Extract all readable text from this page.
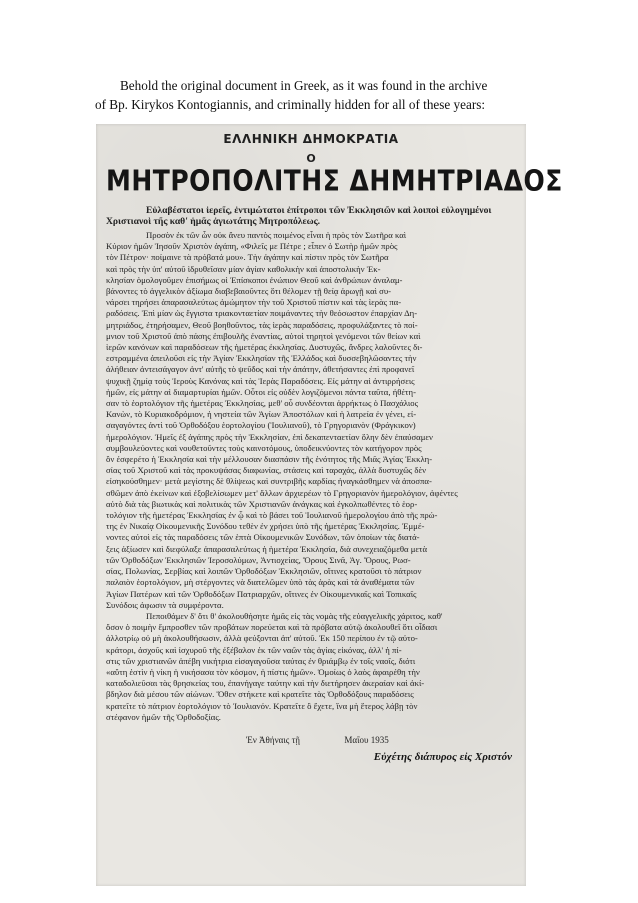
Behold the original document in Greek, as it was found in the archive
of Bp. Kirykos Kontogiannis, and criminally hidden for all of these years:
ΕΛΛΗΝΙΚΗ ΔΗΜΟΚΡΑΤΙΑ
Ο
ΜΗΤΡΟΠΟΛΙΤΗΣ ΔΗΜΗΤΡΙΑΔΟΣ
Εὐλαβέστατοι ἱερεῖς, ἐντιμώτατοι ἐπίτροποι τῶν Ἐκκλησιῶν καὶ λοιποὶ εὐλογημένοι
Χριστιανοὶ τῆς καθ' ἡμᾶς ἁγιωτάτης Μητροπόλεως.
Προσὸν ἐκ τῶν ὧν οὐκ ἄνευ παντὸς ποιμένος εἶναι ἡ πρὸς τὸν Σωτῆρα καὶ
Κύριον ἡμῶν Ἰησοῦν Χριστὸν ἀγάπη, «Φιλεῖς με Πέτρε ; εἶπεν ὁ Σωτὴρ ἡμῶν πρὸς
τὸν Πέτρον· ποίμαινε τὰ πρόβατά μου». Τὴν ἀγάπην καὶ πίστιν πρὸς τὸν Σωτῆρα
καὶ πρὸς τὴν ὑπ' αὐτοῦ ἱδρυθεῖσαν μίαν ἁγίαν καθολικὴν καὶ ἀποστολικὴν Ἐκ-
κλησίαν ὁμολογοῦμεν ἐπισήμως οἱ Ἐπίσκοποι ἐνώπιον Θεοῦ καὶ ἀνθρώπων ἀναλαμ-
βάνοντες τὸ ἀγγελικὸν ἀξίωμα διαβεβαιοῦντες ὅτι θέλομεν τῇ θείᾳ ἀρωγῇ καὶ συ-
νάρσει τηρήσει ἀπαρασαλεύτως ἀμώμητον τὴν τοῦ Χριστοῦ πίστιν καὶ τὰς ἱερὰς πα-
ραδόσεις. Ἐπὶ μίαν ὡς ἔγγιστα τριακονταετίαν ποιμάναντες τὴν θεόσωστον ἐπαρχίαν Δη-
μητριάδος, ἐτηρήσαμεν, Θεοῦ βοηθοῦντος, τὰς ἱερὰς παραδόσεις, προφυλάξαντες τὸ ποί-
μνιον τοῦ Χριστοῦ ἀπὸ πάσης ἐπιβουλῆς ἐναντίας, αὐτοὶ τηρητοὶ γενόμενοι τῶν θείων καὶ
ἱερῶν κανόνων καὶ παραδόσεων τῆς ἡμετέρας ἐκκλησίας. Δυστυχῶς, ἄνδρες λαλοῦντες δι-
εστραμμένα ἀπειλοῦσι εἰς τὴν Ἁγίαν Ἐκκλησίαν τῆς Ἑλλάδος καὶ δυσσεβηλῶσαντες τὴν
ἀλήθειαν ἀντεισάγαγον ἀντ' αὐτῆς τὸ ψεῦδος καὶ τὴν ἀπάτην, ἀθετήσαντες ἐπὶ προφανεῖ
ψυχικῇ ζημίᾳ τοὺς Ἱεροὺς Κανόνας καὶ τὰς Ἱερὰς Παραδόσεις. Εἰς μάτην αἱ ἀντιρρήσεις
ἡμῶν, εἰς μάτην αἱ διαμαρτυρίαι ἡμῶν. Οὗτοι εἰς οὐδὲν λογιζόμενοι πάντα ταῦτα, ἠθέτη-
σαν τὸ ἑορτολόγιον τῆς ἡμετέρας Ἐκκλησίας, μεθ' οὗ συνδέονται ἀρρήκτως ὁ Πασχάλιος
Κανὼν, τὸ Κυριακοδρόμιον, ἡ νηστεία τῶν Ἁγίων Ἀποστόλων καὶ ἡ λατρεία ἐν γένει, εἰ-
σαγαγόντες ἀντὶ τοῦ Ὀρθοδόξου ἑορτολογίου (Ἰουλιανοῦ), τὸ Γρηγοριανὸν (Φράγκικον)
ἡμερολόγιον. Ἡμεῖς ἐξ ἀγάπης πρὸς τὴν Ἐκκλησίαν, ἐπὶ δεκαπενταετίαν ὅλην δὲν ἐπαύσαμεν
συμβουλεύοντες καὶ νουθετοῦντες τοὺς καινοτόμους, ὑποδεικνύοντες τὸν κατήγορον πρὸς
ὃν ἐσφερέτο ἡ Ἐκκλησία καὶ τὴν μέλλουσαν διασπάσιν τῆς ἑνότητος τῆς Μιᾶς Ἁγίας Ἐκκλη-
σίας τοῦ Χριστοῦ καὶ τὰς προκυψάσας διαφωνίας, στάσεις καὶ ταραχάς, ἀλλὰ δυστυχῶς δὲν
εἰσηκούσθημεν· μετὰ μεγίστης δὲ θλίψεως καὶ συντριβῆς καρδίας ἠναγκάσθημεν νὰ ἀποσπα-
σθῶμεν ἀπὸ ἐκείνων καὶ ἐξοβελίσωμεν μετ' ἄλλων ἀρχιερέων τὸ Γρηγοριανὸν ἡμερολόγιον, ἀφέντες
αὐτὸ διὰ τὰς βιωτικὰς καὶ πολιτικὰς τῶν Χριστιανῶν ἀνάγκας καὶ ἐγκολπωθέντες τὸ ἑορ-
τολόγιον τῆς ἡμετέρας Ἐκκλησίας ἐν ᾧ καὶ τὸ βάσει τοῦ Ἰουλιανοῦ ἡμερολογίου ἀπὸ τῆς πρώ-
της ἐν Νικαίᾳ Οἰκουμενικῆς Συνόδου τεθὲν ἐν χρήσει ὑπὸ τῆς ἡμετέρας Ἐκκλησίας. Ἐμμέ-
νοντες αὐτοὶ εἰς τὰς παραδόσεις τῶν ἑπτὰ Οἰκουμενικῶν Συνόδων, τῶν ὁποίων τὰς διατά-
ξεις ἀξίωσεν καὶ διεφύλαξε ἀπαρασαλεύτως ἡ ἡμετέρα Ἐκκλησία, διὰ συνεχειαζόμεθα μετὰ
τῶν Ὀρθοδόξων Ἐκκλησιῶν Ἱεροσολύμων, Ἀντιοχείας, Ὄρους Σινᾶ, Ἁγ. Ὄρους, Ρωσ-
σίας, Πολωνίας, Σερβίας καὶ λοιπῶν Ὀρθοδόξων Ἐκκλησιῶν, οἵτινες κρατοῦσι τὸ πάτριον
παλαιὸν ἑορτολόγιον, μὴ στέργοντες νὰ διατελῶμεν ὑπὸ τὰς ἀρὰς καὶ τὰ ἀναθέματα τῶν
Ἁγίων Πατέρων καὶ τῶν Ὀρθοδόξων Πατριαρχῶν, οἵτινες ἐν Οἰκουμενικαῖς καὶ Τοπικαῖς
Συνόδοις ἀφωσιν τὰ συμφέροντα.
Πεποιθάμεν δ' ὅτι θ' ἀκολουθήσητε ἡμᾶς εἰς τὰς νομὰς τῆς εὐαγγελικῆς χάριτος, καθ'
ὅσον ὁ ποιμὴν ἔμπροσθεν τῶν προβάτων πορεύεται καὶ τὰ πρόβατα αὐτῷ ἀκολουθεῖ ὅτι οἶδασι
ἀλλοτρίῳ οὐ μὴ ἀκολουθήσωσιν, ἀλλὰ φεύξονται ἀπ' αὐτοῦ. Ἐκ 150 περίπου ἐν τῷ αὐτο-
κράτορι, ἀσχοῦς καὶ ἰσχυροῦ τῆς ἐξέβαλον ἐκ τῶν ναῶν τὰς ἁγίας εἰκόνας, ἀλλ' ἡ πί-
στις τῶν χριστιανῶν ἀπέβη νικήτρια εἰσαγαγοῦσα ταύτας ἐν θριάμβῳ ἐν τοῖς ναοῖς, διότι
«αὕτη ἐστὶν ἡ νίκη ἡ νικήσασα τὸν κόσμον, ἡ πίστις ἡμῶν». Ὁμοίως ὁ λαὸς ἀφαιρέθη τὴν
καταδολιεῦσαι τὰς θρησκείας του, ἐπανήγαγε ταύτην καὶ τὴν διετήρησεν ἀκεραίαν καὶ ἀκί-
βδηλον διὰ μέσου τῶν αἰώνων. Ὅθεν στήκετε καὶ κρατεῖτε τὰς Ὀρθοδόξους παραδόσεις
κρατεῖτε τὸ πάτριον ἑορτολόγιον τὸ Ἰουλιανόν. Κρατεῖτε ὃ ἔχετε, ἵνα μὴ ἕτερος λάβῃ τὸν
στέφανον ἡμῶν τῆς Ὀρθοδοξίας.
Ἐν Ἀθήναις τῇ	Μαΐου 1935
Εὐχέτης διάπυρος εἰς Χριστόν
